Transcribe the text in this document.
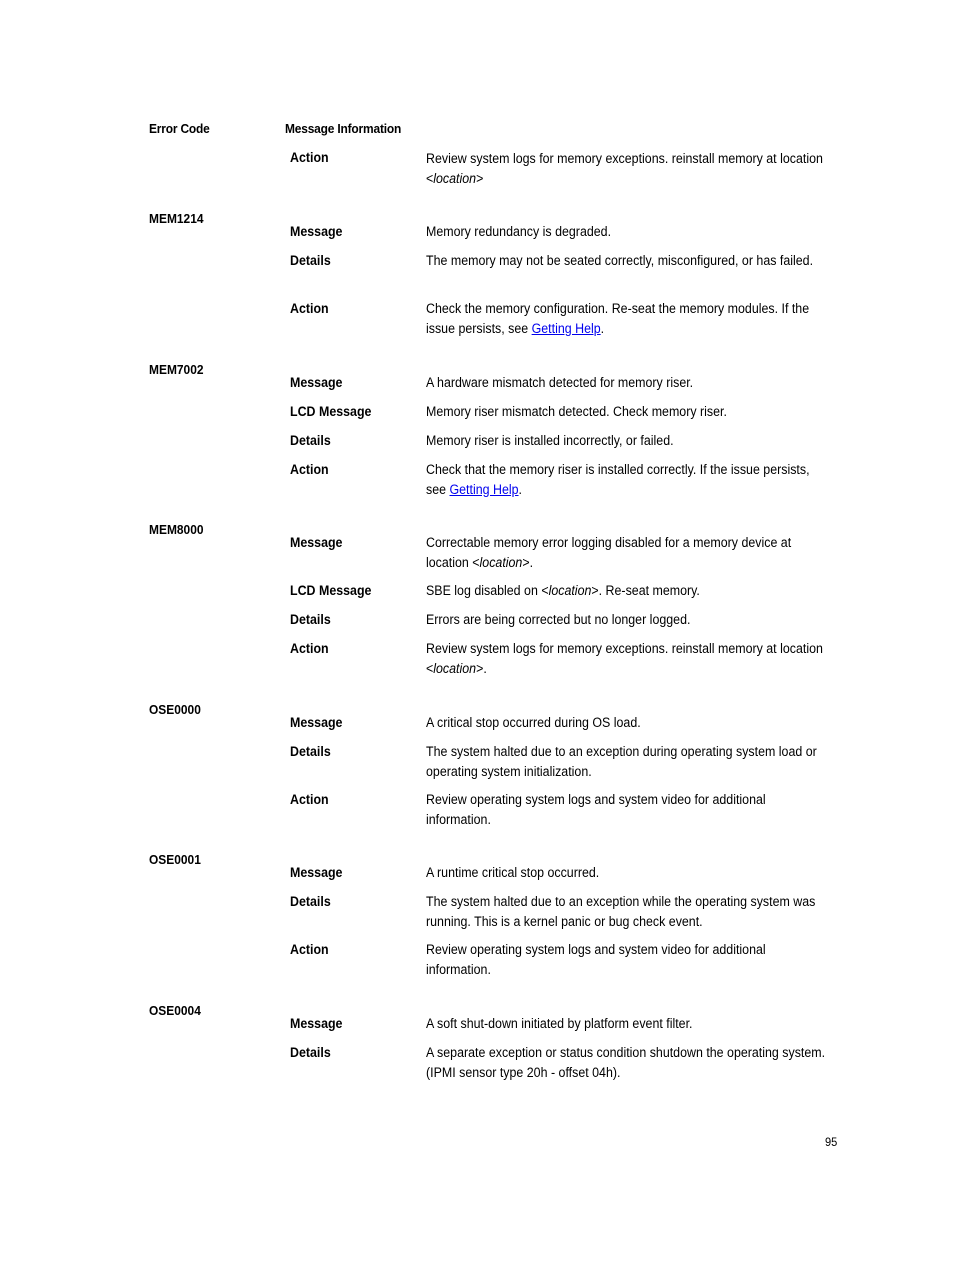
Error Code	Message Information
Action	Review system logs for memory exceptions. reinstall memory at location <location>
MEM1214
Message	Memory redundancy is degraded.
Details	The memory may not be seated correctly, misconfigured, or has failed.
Action	Check the memory configuration. Re-seat the memory modules. If the issue persists, see Getting Help.
MEM7002
Message	A hardware mismatch detected for memory riser.
LCD Message	Memory riser mismatch detected. Check memory riser.
Details	Memory riser is installed incorrectly, or failed.
Action	Check that the memory riser is installed correctly. If the issue persists, see Getting Help.
MEM8000
Message	Correctable memory error logging disabled for a memory device at location <location>.
LCD Message	SBE log disabled on <location>. Re-seat memory.
Details	Errors are being corrected but no longer logged.
Action	Review system logs for memory exceptions. reinstall memory at location <location>.
OSE0000
Message	A critical stop occurred during OS load.
Details	The system halted due to an exception during operating system load or operating system initialization.
Action	Review operating system logs and system video for additional information.
OSE0001
Message	A runtime critical stop occurred.
Details	The system halted due to an exception while the operating system was running. This is a kernel panic or bug check event.
Action	Review operating system logs and system video for additional information.
OSE0004
Message	A soft shut-down initiated by platform event filter.
Details	A separate exception or status condition shutdown the operating system. (IPMI sensor type 20h - offset 04h).
95
